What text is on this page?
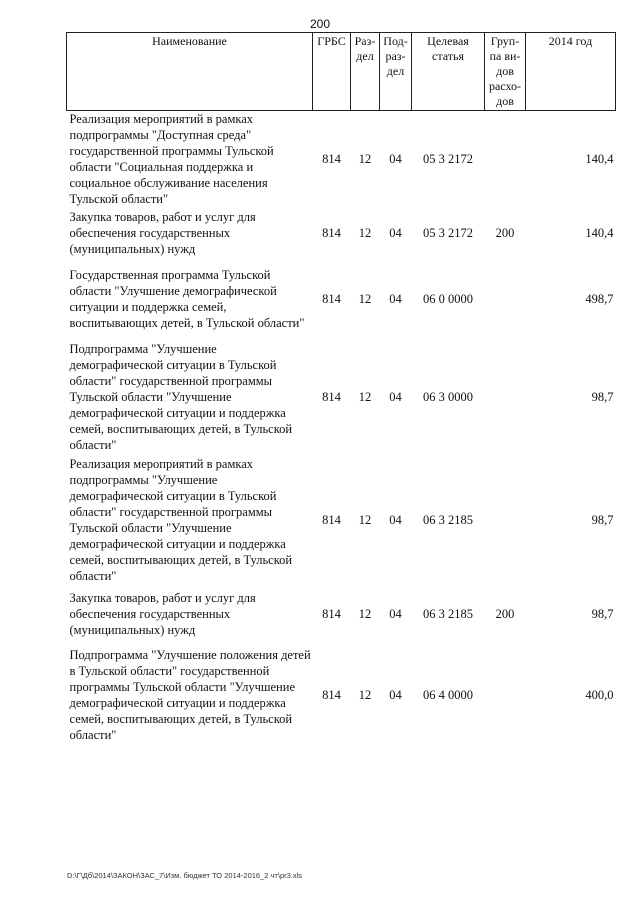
200
Наименование	ГРБС	Раз-дел	Под-раз-дел	Целевая статья	Груп-па ви-дов расхо-дов	2014 год
Реализация мероприятий в рамках подпрограммы "Доступная среда" государственной программы Тульской области "Социальная поддержка и социальное обслуживание населения Тульской области"	814	12	04	05 3 2172		140,4
Закупка товаров, работ и услуг для обеспечения государственных (муниципальных) нужд	814	12	04	05 3 2172	200	140,4
Государственная программа Тульской области "Улучшение демографической ситуации и поддержка семей, воспитывающих детей, в Тульской области"	814	12	04	06 0 0000		498,7
Подпрограмма "Улучшение демографической ситуации в Тульской области" государственной программы Тульской области "Улучшение демографической ситуации и поддержка семей, воспитывающих детей, в Тульской области"	814	12	04	06 3 0000		98,7
Реализация мероприятий в рамках подпрограммы "Улучшение демографической ситуации в Тульской области" государственной программы Тульской области "Улучшение демографической ситуации и поддержка семей, воспитывающих детей, в Тульской области"	814	12	04	06 3 2185		98,7
Закупка товаров, работ и услуг для обеспечения государственных (муниципальных) нужд	814	12	04	06 3 2185	200	98,7
Подпрограмма "Улучшение положения детей в Тульской области" государственной программы Тульской области "Улучшение демографической ситуации и поддержка семей, воспитывающих детей, в Тульской области"	814	12	04	06 4 0000		400,0
D:\Г\Дб\2014\ЗАКОН\ЗАС_7\Изм. бюджет ТО 2014-2016_2 чт\рr3.xls
